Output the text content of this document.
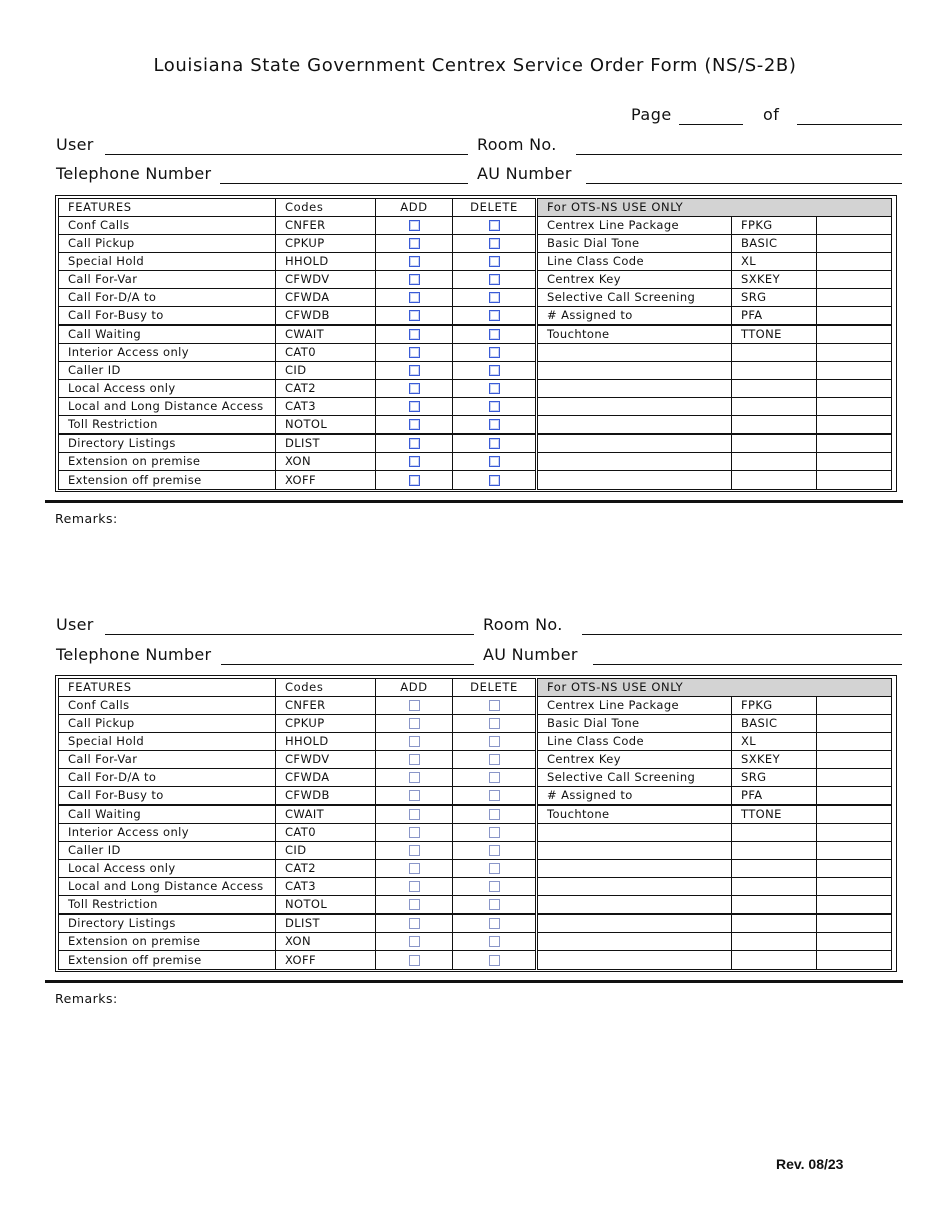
Louisiana State Government Centrex Service Order Form (NS/S-2B)
Page	of
User	Room No.
Telephone Number	AU Number
FEATURES	Codes	ADD	DELETE	For OTS-NS USE ONLY		
Conf Calls	CNFER			Centrex Line Package	FPKG	
Call Pickup	CPKUP			Basic Dial Tone	BASIC	
Special Hold	HHOLD			Line Class Code	XL	
Call For-Var	CFWDV			Centrex Key	SXKEY	
Call For-D/A to	CFWDA			Selective Call Screening	SRG	
Call For-Busy to	CFWDB			# Assigned to	PFA	
Call Waiting	CWAIT			Touchtone	TTONE	
Interior Access only	CAT0					
Caller ID	CID					
Local Access only	CAT2					
Local and Long Distance Access	CAT3					
Toll Restriction	NOTOL					
Directory Listings	DLIST					
Extension on premise	XON					
Extension off premise	XOFF					
Remarks:
User	Room No.
Telephone Number	AU Number
FEATURES	Codes	ADD	DELETE	For OTS-NS USE ONLY		
Conf Calls	CNFER			Centrex Line Package	FPKG	
Call Pickup	CPKUP			Basic Dial Tone	BASIC	
Special Hold	HHOLD			Line Class Code	XL	
Call For-Var	CFWDV			Centrex Key	SXKEY	
Call For-D/A to	CFWDA			Selective Call Screening	SRG	
Call For-Busy to	CFWDB			# Assigned to	PFA	
Call Waiting	CWAIT			Touchtone	TTONE	
Interior Access only	CAT0					
Caller ID	CID					
Local Access only	CAT2					
Local and Long Distance Access	CAT3					
Toll Restriction	NOTOL					
Directory Listings	DLIST					
Extension on premise	XON					
Extension off premise	XOFF					
Remarks:
Rev. 08/23
